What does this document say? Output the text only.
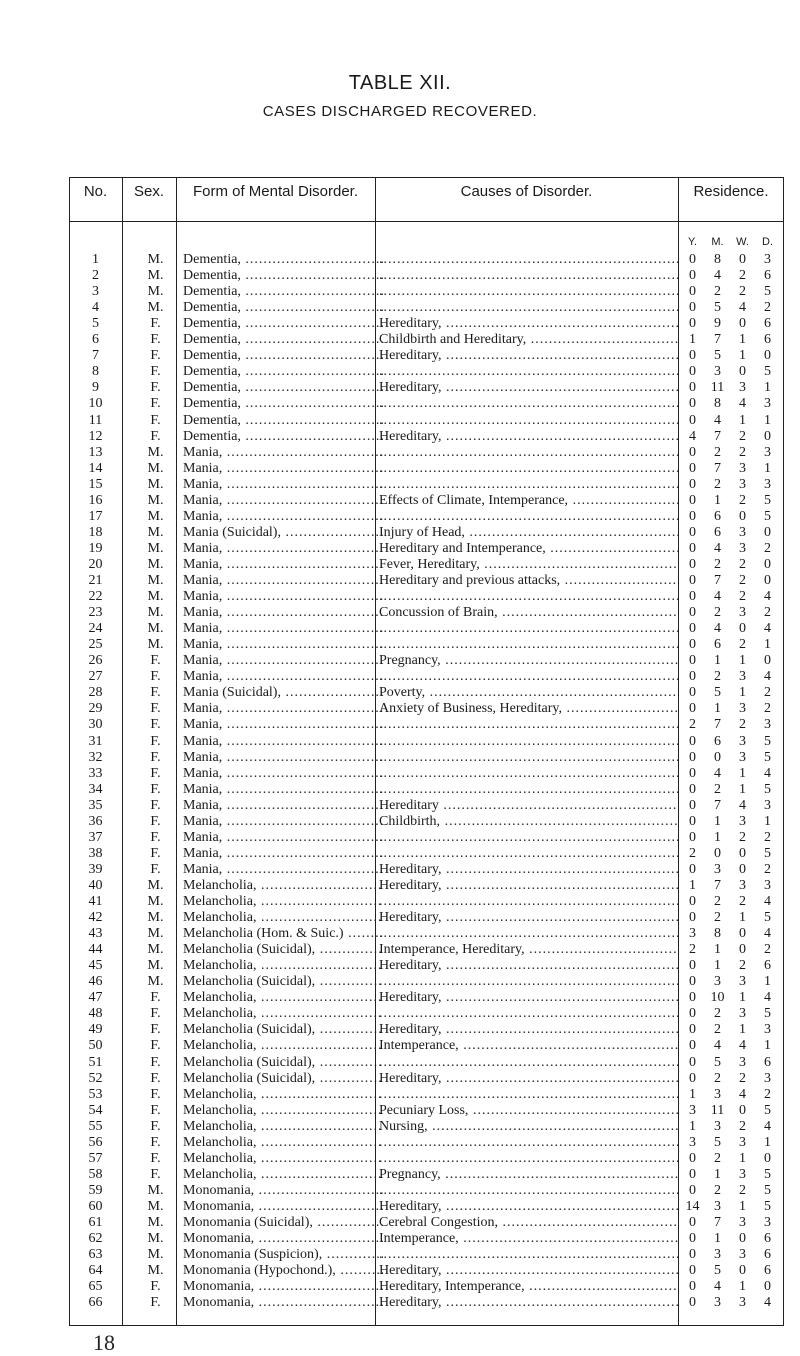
TABLE XII.
CASES DISCHARGED RECOVERED.
No.	Sex.	Form of Mental Disorder.	Causes of Disorder.	Residence.
Y.	M.	W.	D.
1	M.	Dementia, ..... .....	0	8	0	3
2	M.	Dementia, ..... .....	0	4	2	6
3	M.	Dementia, ..... .....	0	2	2	5
4	M.	Dementia, ..... .....	0	5	4	2
5	F.	Dementia, .....	Hereditary, .....	0	9	0	6
6	F.	Dementia, .....	Childbirth and Hereditary, .....	1	7	1	6
7	F.	Dementia, .....	Hereditary, .....	0	5	1	0
8	F.	Dementia, ..... .....	0	3	0	5
9	F.	Dementia, .....	Hereditary, .....	0	11	3	1
10	F.	Dementia, ..... .....	0	8	4	3
11	F.	Dementia, ..... .....	0	4	1	1
12	F.	Dementia, .....	Hereditary, .....	4	7	2	0
13	M.	Mania, ..... .....	0	2	2	3
14	M.	Mania, ..... .....	0	7	3	1
15	M.	Mania, ..... .....	0	2	3	3
16	M.	Mania, .....	Effects of Climate, Intemperance, .....	0	1	2	5
17	M.	Mania, ..... .....	0	6	0	5
18	M.	Mania (Suicidal), .....	Injury of Head, .....	0	6	3	0
19	M.	Mania, .....	Hereditary and Intemperance, .....	0	4	3	2
20	M.	Mania, .....	Fever, Hereditary, .....	0	2	2	0
21	M.	Mania, .....	Hereditary and previous attacks, .....	0	7	2	0
22	M.	Mania, ..... .....	0	4	2	4
23	M.	Mania, .....	Concussion of Brain, .....	0	2	3	2
24	M.	Mania, ..... .....	0	4	0	4
25	M.	Mania, ..... .....	0	6	2	1
26	F.	Mania, .....	Pregnancy, .....	0	1	1	0
27	F.	Mania, ..... .....	0	2	3	4
28	F.	Mania (Suicidal), .....	Poverty, .....	0	5	1	2
29	F.	Mania, .....	Anxiety of Business, Hereditary, .....	0	1	3	2
30	F.	Mania, ..... .....	2	7	2	3
31	F.	Mania, ..... .....	0	6	3	5
32	F.	Mania, ..... .....	0	0	3	5
33	F.	Mania, ..... .....	0	4	1	4
34	F.	Mania, ..... .....	0	2	1	5
35	F.	Mania, .....	Hereditary .....	0	7	4	3
36	F.	Mania, .....	Childbirth, .....	0	1	3	1
37	F.	Mania, ..... .....	0	1	2	2
38	F.	Mania, ..... .....	2	0	0	5
39	F.	Mania, .....	Hereditary, .....	0	3	0	2
40	M.	Melancholia, .....	Hereditary, .....	1	7	3	3
41	M.	Melancholia, ..... .....	0	2	2	4
42	M.	Melancholia, .....	Hereditary, .....	0	2	1	5
43	M.	Melancholia (Hom. & Suic.) ..... .....	3	8	0	4
44	M.	Melancholia (Suicidal), .....	Intemperance, Hereditary, .....	2	1	0	2
45	M.	Melancholia, .....	Hereditary, .....	0	1	2	6
46	M.	Melancholia (Suicidal), ..... .....	0	3	3	1
47	F.	Melancholia, .....	Hereditary, .....	0	10	1	4
48	F.	Melancholia, ..... .....	0	2	3	5
49	F.	Melancholia (Suicidal), .....	Hereditary, .....	0	2	1	3
50	F.	Melancholia, .....	Intemperance, .....	0	4	4	1
51	F.	Melancholia (Suicidal), ..... .....	0	5	3	6
52	F.	Melancholia (Suicidal), .....	Hereditary, .....	0	2	2	3
53	F.	Melancholia, ..... .....	1	3	4	2
54	F.	Melancholia, .....	Pecuniary Loss, .....	3	11	0	5
55	F.	Melancholia, .....	Nursing, .....	1	3	2	4
56	F.	Melancholia, ..... .....	3	5	3	1
57	F.	Melancholia, ..... .....	0	2	1	0
58	F.	Melancholia, .....	Pregnancy, .....	0	1	3	5
59	M.	Monomania, ..... .....	0	2	2	5
60	M.	Monomania, .....	Hereditary, .....	14	3	1	5
61	M.	Monomania (Suicidal), .....	Cerebral Congestion, .....	0	7	3	3
62	M.	Monomania, .....	Intemperance, .....	0	1	0	6
63	M.	Monomania (Suspicion), ..... .....	0	3	3	6
64	M.	Monomania (Hypochond.), .....	Hereditary, .....	0	5	0	6
65	F.	Monomania, .....	Hereditary, Intemperance, .....	0	4	1	0
66	F.	Monomania, .....	Hereditary, .....	0	3	3	4
18
